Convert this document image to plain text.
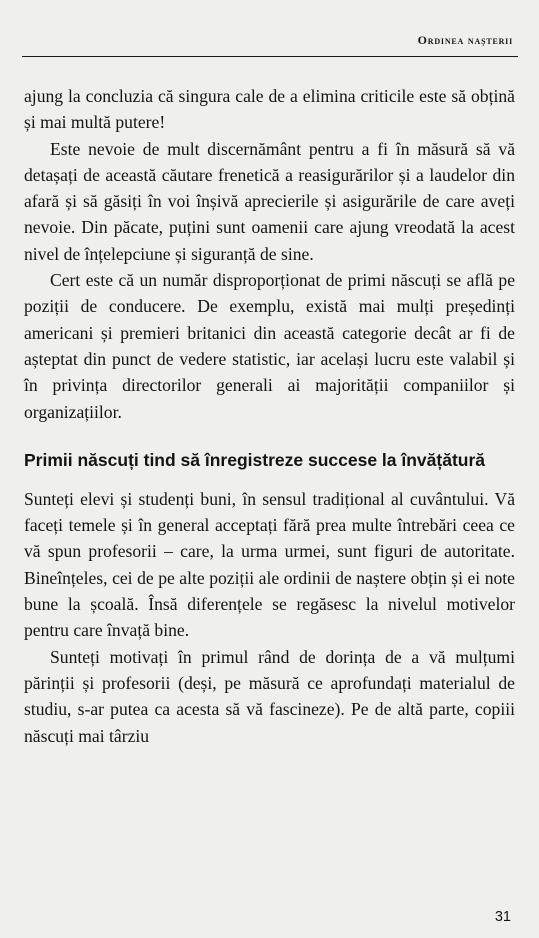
Ordinea nașterii

ajung la concluzia că singura cale de a elimina criticile este să obțină și mai multă putere!

Este nevoie de mult discernământ pentru a fi în măsură să vă detașați de această căutare frenetică a reasigurărilor și a laudelor din afară și să găsiți în voi înșivă aprecierile și asigurările de care aveți nevoie. Din păcate, puțini sunt oamenii care ajung vreodată la acest nivel de înțelepciune și siguranță de sine.

Cert este că un număr disproporționat de primi născuți se află pe poziții de conducere. De exemplu, există mai mulți președinți americani și premieri britanici din această categorie decât ar fi de așteptat din punct de vedere statistic, iar același lucru este valabil și în privința directorilor generali ai majorității companiilor și organizațiilor.

Primii născuți tind să înregistreze succese la învățătură

Sunteți elevi și studenți buni, în sensul tradițional al cuvântului. Vă faceți temele și în general acceptați fără prea multe întrebări ceea ce vă spun profesorii – care, la urma urmei, sunt figuri de autoritate. Bineînțeles, cei de pe alte poziții ale ordinii de naștere obțin și ei note bune la școală. Însă diferențele se regăsesc la nivelul motivelor pentru care învață bine.

Sunteți motivați în primul rând de dorința de a vă mulțumi părinții și profesorii (deși, pe măsură ce aprofundați materialul de studiu, s-ar putea ca acesta să vă fascineze). Pe de altă parte, copiii născuți mai târziu

31
